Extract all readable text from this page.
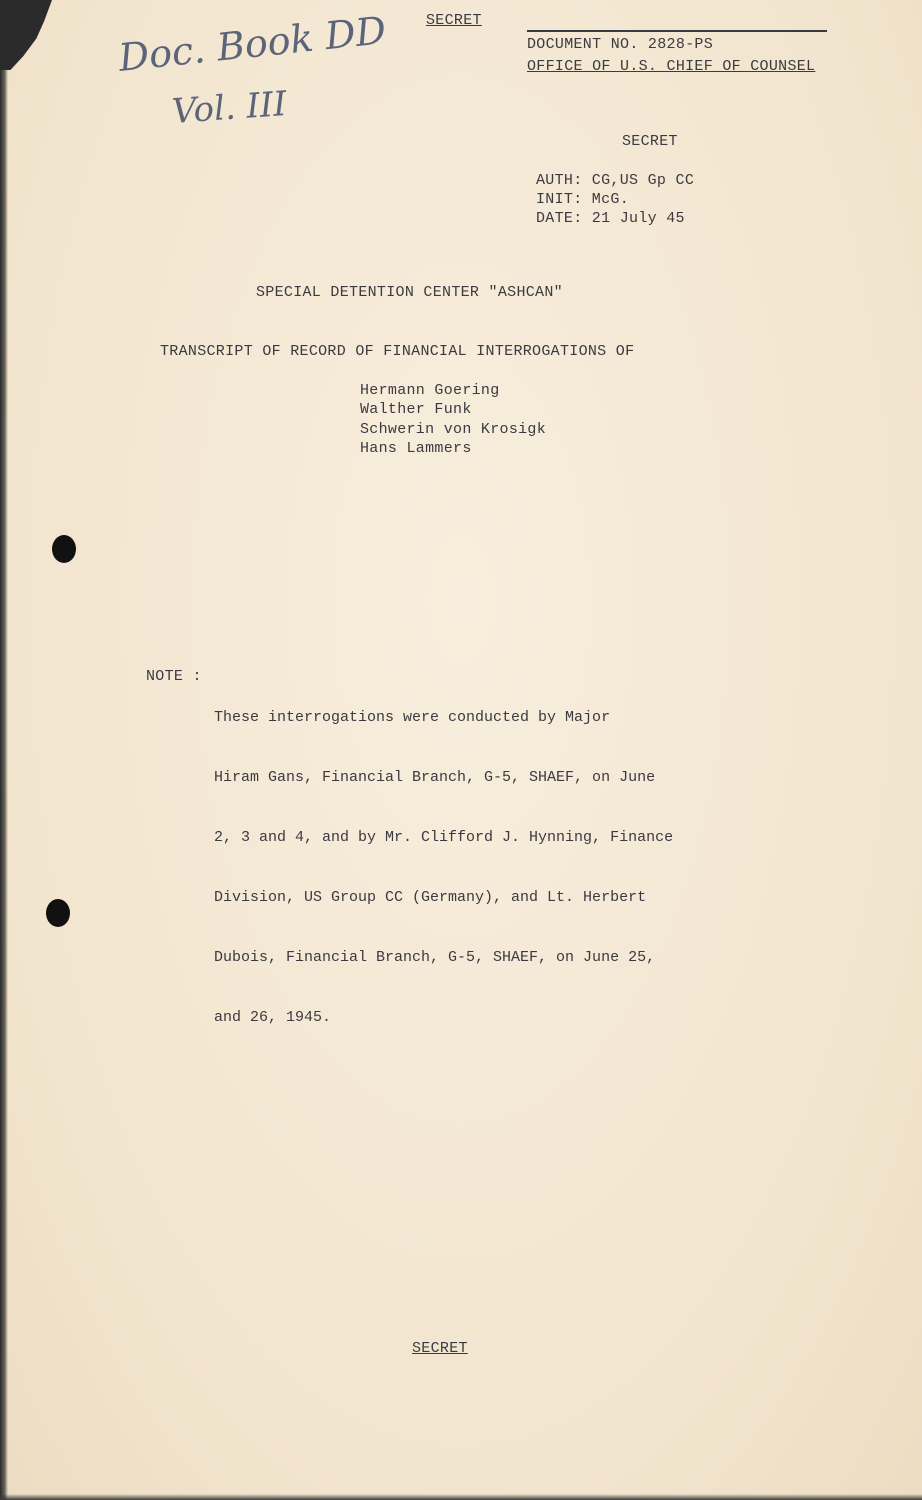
Doc. Book DD
Vol. III
SECRET
DOCUMENT NO. 2828-PS
OFFICE OF U.S. CHIEF OF COUNSEL
SECRET
AUTH: CG,US Gp CC
INIT: McG.
DATE: 21 July 45
SPECIAL DETENTION CENTER "ASHCAN"
TRANSCRIPT OF RECORD OF FINANCIAL INTERROGATIONS OF
Hermann Goering
Walther Funk
Schwerin von Krosigk
Hans Lammers
NOTE :

These interrogations were conducted by Major

Hiram Gans, Financial Branch, G-5, SHAEF, on June

2, 3 and 4, and by Mr. Clifford J. Hynning, Finance

Division, US Group CC (Germany), and Lt. Herbert

Dubois, Financial Branch, G-5, SHAEF, on June 25,

and 26, 1945.

SECRET
